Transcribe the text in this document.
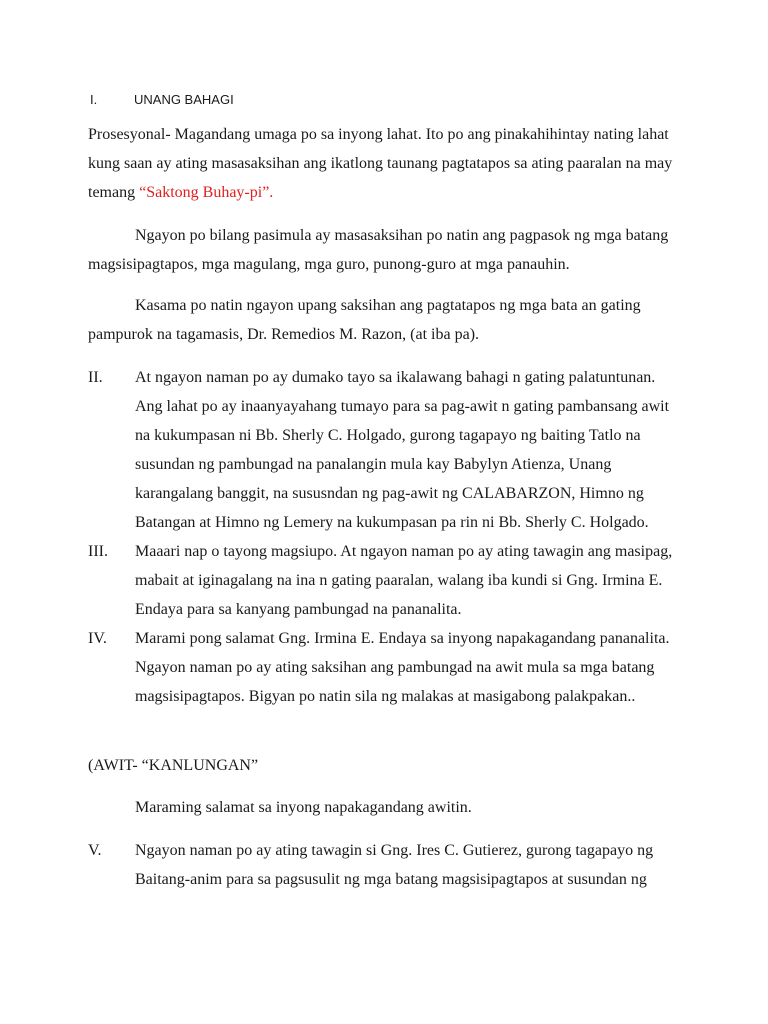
I.	UNANG BAHAGI

Prosesyonal- Magandang umaga po sa inyong lahat. Ito po ang pinakahihintay nating lahat kung saan ay ating masasaksihan ang ikatlong taunang pagtatapos sa ating paaralan na may temang “Saktong Buhay-pi”.

Ngayon po bilang pasimula ay masasaksihan po natin ang pagpasok ng mga batang magsisipagtapos, mga magulang, mga guro, punong-guro at mga panauhin.

Kasama po natin ngayon upang saksihan ang pagtatapos ng mga bata an gating pampurok na tagamasis, Dr. Remedios M. Razon, (at iba pa).

II. At ngayon naman po ay dumako tayo sa ikalawang bahagi n gating palatuntunan. Ang lahat po ay inaanyayahang tumayo para sa pag-awit n gating pambansang awit na kukumpasan ni Bb. Sherly C. Holgado, gurong tagapayo ng baiting Tatlo na susundan ng pambungad na panalangin mula kay Babylyn Atienza, Unang karangalang banggit, na sususndan ng pag-awit ng CALABARZON, Himno ng Batangan at Himno ng Lemery na kukumpasan pa rin ni Bb. Sherly C. Holgado.
III. Maaari nap o tayong magsiupo. At ngayon naman po ay ating tawagin ang masipag, mabait at iginagalang na ina n gating paaralan, walang iba kundi si Gng. Irmina E. Endaya para sa kanyang pambungad na pananalita.
IV. Marami pong salamat Gng. Irmina E. Endaya sa inyong napakagandang pananalita. Ngayon naman po ay ating saksihan ang pambungad na awit mula sa mga batang magsisipagtapos. Bigyan po natin sila ng malakas at masigabong palakpakan..

(AWIT- “KANLUNGAN”

Maraming salamat sa inyong napakagandang awitin.

V. Ngayon naman po ay ating tawagin si Gng. Ires C. Gutierez, gurong tagapayo ng Baitang-anim para sa pagsusulit ng mga batang magsisipagtapos at susundan ng
